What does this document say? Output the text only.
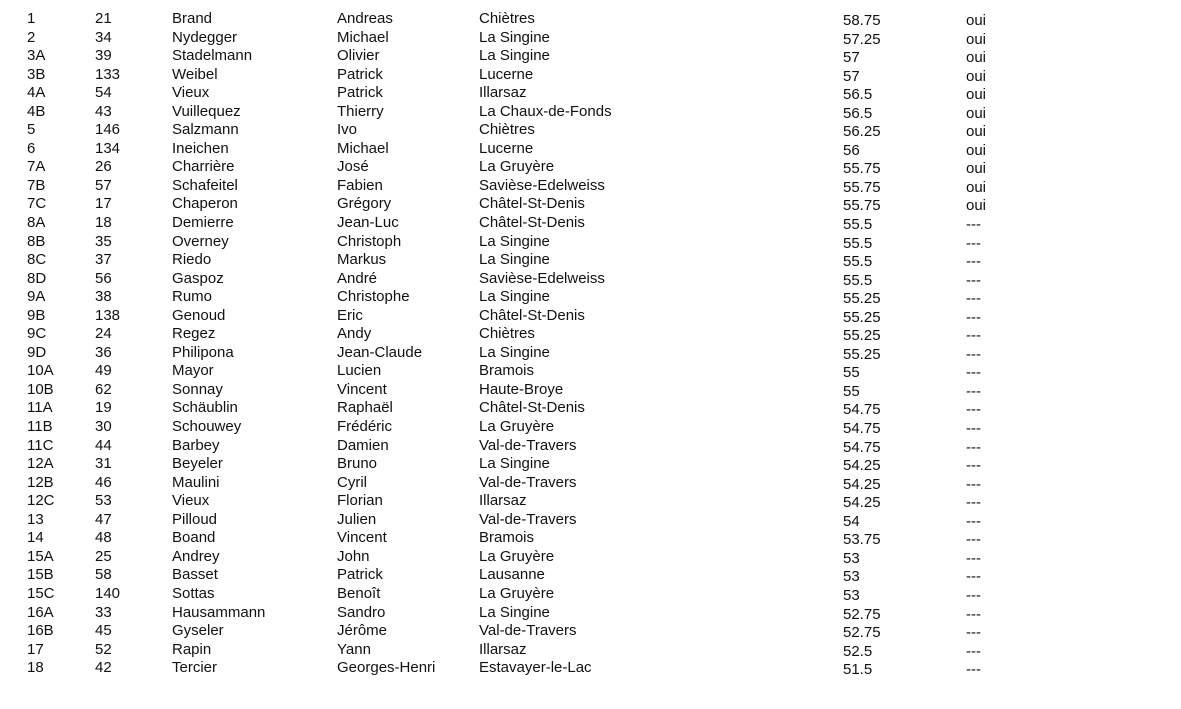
1	21	Brand	Andreas	Chiètres	58.75	oui
2	34	Nydegger	Michael	La Singine	57.25	oui
3A	39	Stadelmann	Olivier	La Singine	57	oui
3B	133	Weibel	Patrick	Lucerne	57	oui
4A	54	Vieux	Patrick	Illarsaz	56.5	oui
4B	43	Vuillequez	Thierry	La Chaux-de-Fonds	56.5	oui
5	146	Salzmann	Ivo	Chiètres	56.25	oui
6	134	Ineichen	Michael	Lucerne	56	oui
7A	26	Charrière	José	La Gruyère	55.75	oui
7B	57	Schafeitel	Fabien	Savièse-Edelweiss	55.75	oui
7C	17	Chaperon	Grégory	Châtel-St-Denis	55.75	oui
8A	18	Demierre	Jean-Luc	Châtel-St-Denis	55.5	---
8B	35	Overney	Christoph	La Singine	55.5	---
8C	37	Riedo	Markus	La Singine	55.5	---
8D	56	Gaspoz	André	Savièse-Edelweiss	55.5	---
9A	38	Rumo	Christophe	La Singine	55.25	---
9B	138	Genoud	Eric	Châtel-St-Denis	55.25	---
9C	24	Regez	Andy	Chiètres	55.25	---
9D	36	Philipona	Jean-Claude	La Singine	55.25	---
10A	49	Mayor	Lucien	Bramois	55	---
10B	62	Sonnay	Vincent	Haute-Broye	55	---
11A	19	Schäublin	Raphaël	Châtel-St-Denis	54.75	---
11B	30	Schouwey	Frédéric	La Gruyère	54.75	---
11C	44	Barbey	Damien	Val-de-Travers	54.75	---
12A	31	Beyeler	Bruno	La Singine	54.25	---
12B	46	Maulini	Cyril	Val-de-Travers	54.25	---
12C	53	Vieux	Florian	Illarsaz	54.25	---
13	47	Pilloud	Julien	Val-de-Travers	54	---
14	48	Boand	Vincent	Bramois	53.75	---
15A	25	Andrey	John	La Gruyère	53	---
15B	58	Basset	Patrick	Lausanne	53	---
15C	140	Sottas	Benoît	La Gruyère	53	---
16A	33	Hausammann	Sandro	La Singine	52.75	---
16B	45	Gyseler	Jérôme	Val-de-Travers	52.75	---
17	52	Rapin	Yann	Illarsaz	52.5	---
18	42	Tercier	Georges-Henri	Estavayer-le-Lac	51.5	---
